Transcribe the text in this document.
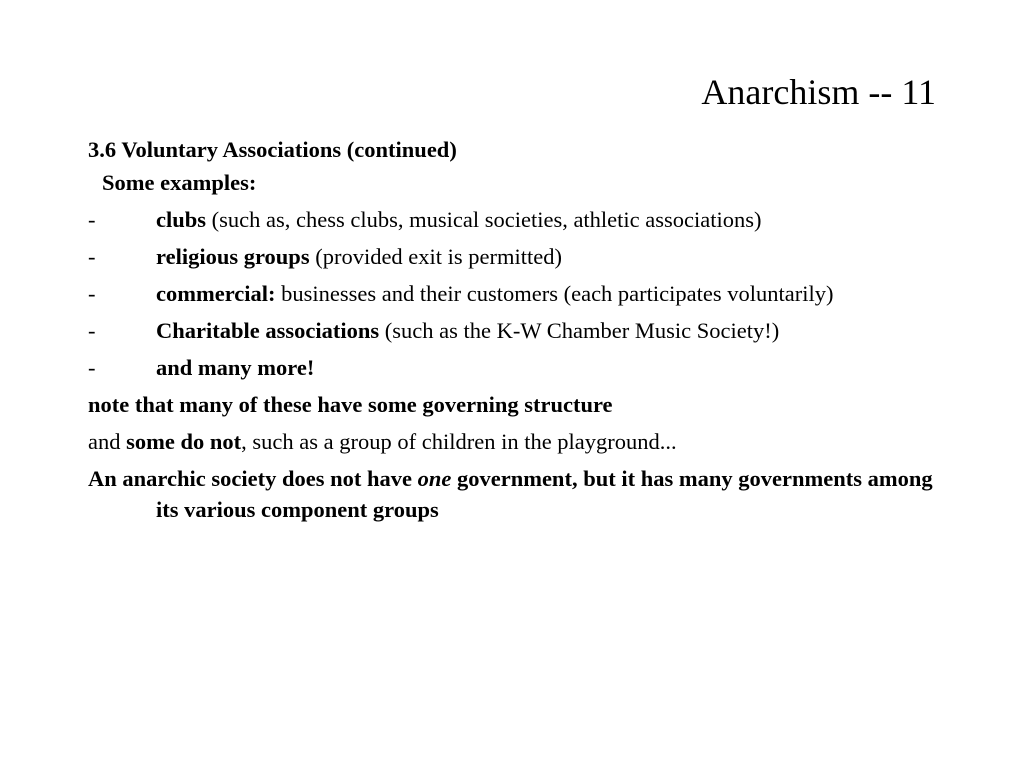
Anarchism -- 11
3.6 Voluntary Associations (continued)
Some examples:
-	clubs (such as, chess clubs, musical societies, athletic associations)
-	religious groups (provided exit is permitted)
-	commercial: businesses and their customers (each participates voluntarily)
-	Charitable associations (such as the K-W Chamber Music Society!)
-	and many more!
note that many of these have some governing structure
and some do not, such as a group of children in the playground...
An anarchic society does not have one government, but it has many governments among its various component groups
